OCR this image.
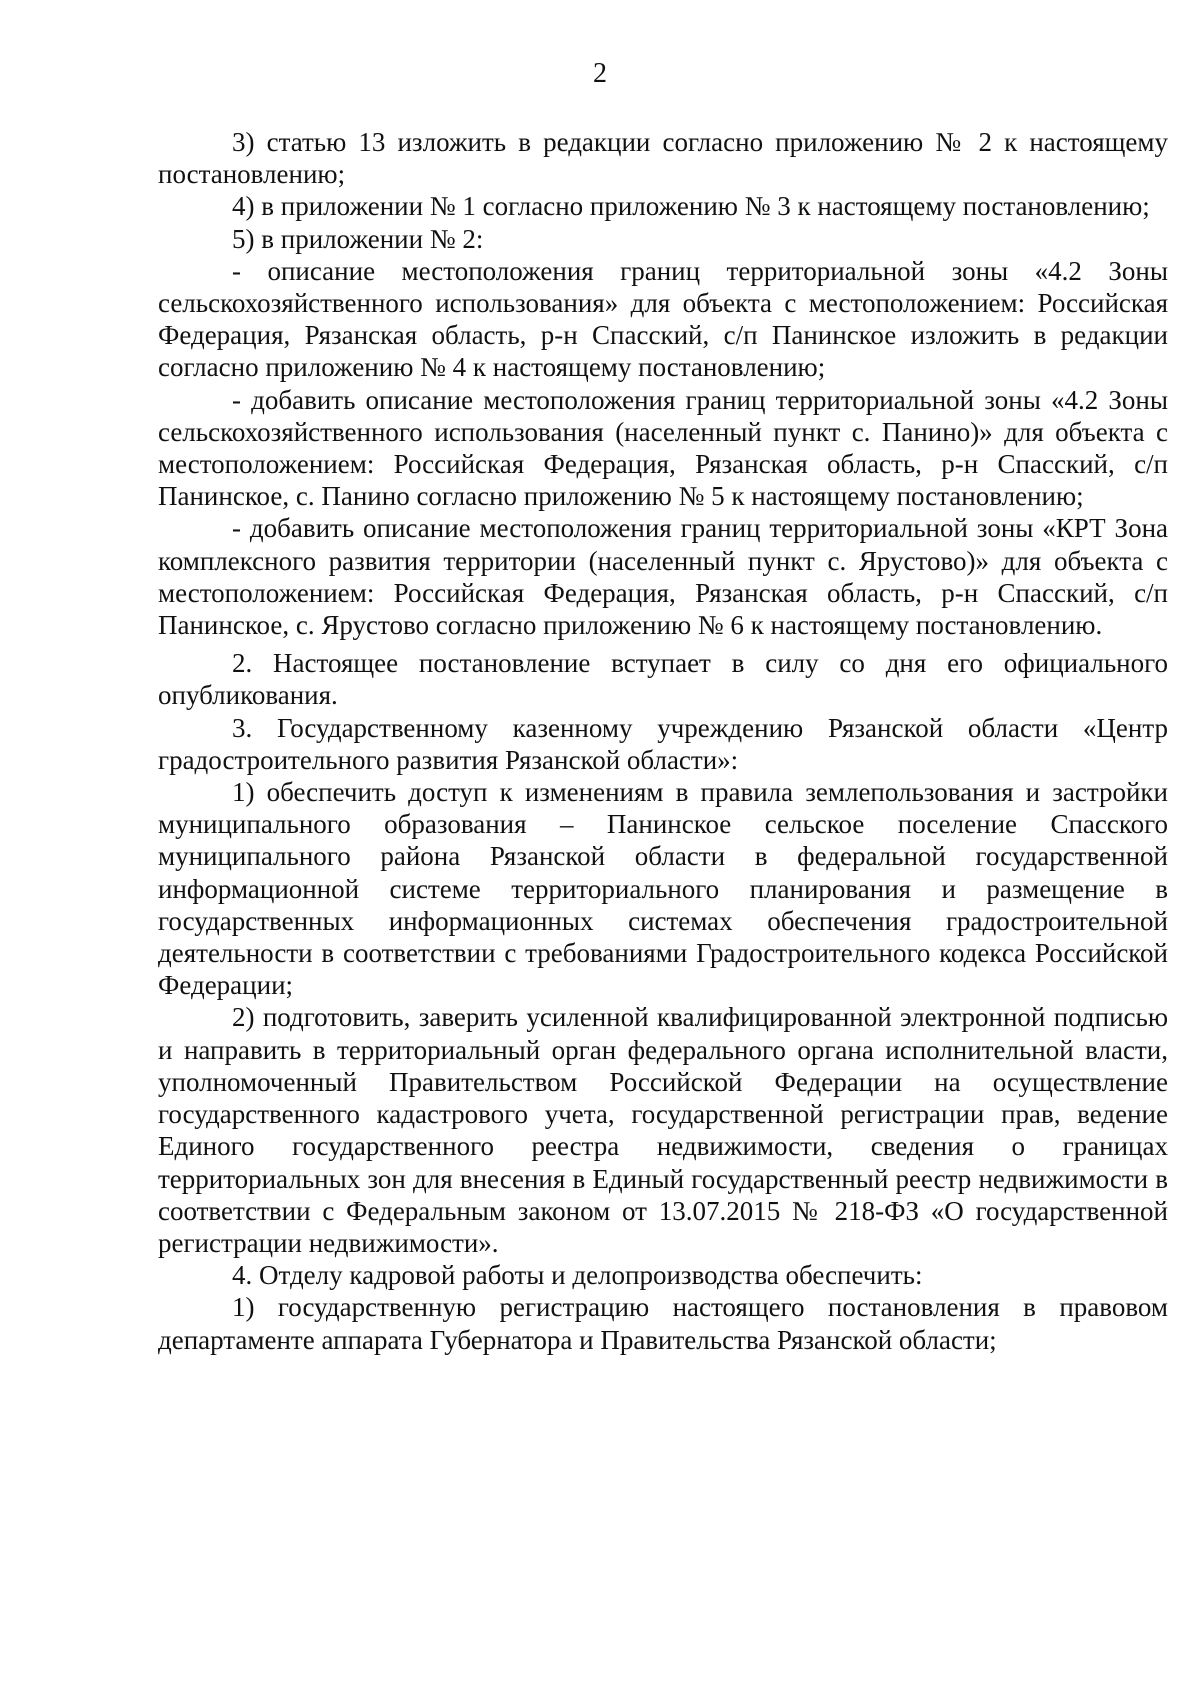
2

3) статью 13 изложить в редакции согласно приложению № 2 к настоящему постановлению;

4) в приложении № 1 согласно приложению № 3 к настоящему постановлению;

5) в приложении № 2:

- описание местоположения границ территориальной зоны «4.2 Зоны сельскохозяйственного использования» для объекта с местоположением: Российская Федерация, Рязанская область, р-н Спасский, с/п Панинское изложить в редакции согласно приложению № 4 к настоящему постановлению;

- добавить описание местоположения границ территориальной зоны «4.2 Зоны сельскохозяйственного использования (населенный пункт с. Панино)» для объекта с местоположением: Российская Федерация, Рязанская область, р-н Спасский, с/п Панинское, с. Панино согласно приложению № 5 к настоящему постановлению;

- добавить описание местоположения границ территориальной зоны «КРТ Зона комплексного развития территории (населенный пункт с. Ярустово)» для объекта с местоположением: Российская Федерация, Рязанская область, р-н Спасский, с/п Панинское, с. Ярустово согласно приложению № 6 к настоящему постановлению.

2. Настоящее постановление вступает в силу со дня его официального опубликования.

3. Государственному казенному учреждению Рязанской области «Центр градостроительного развития Рязанской области»:

1) обеспечить доступ к изменениям в правила землепользования и застройки муниципального образования – Панинское сельское поселение Спасского муниципального района Рязанской области в федеральной государственной информационной системе территориального планирования и размещение в государственных информационных системах обеспечения градостроительной деятельности в соответствии с требованиями Градостроительного кодекса Российской Федерации;

2) подготовить, заверить усиленной квалифицированной электронной подписью и направить в территориальный орган федерального органа исполнительной власти, уполномоченный Правительством Российской Федерации на осуществление государственного кадастрового учета, государственной регистрации прав, ведение Единого государственного реестра недвижимости, сведения о границах территориальных зон для внесения в Единый государственный реестр недвижимости в соответствии с Федеральным законом от 13.07.2015 № 218-ФЗ «О государственной регистрации недвижимости».

4. Отделу кадровой работы и делопроизводства обеспечить:

1) государственную регистрацию настоящего постановления в правовом департаменте аппарата Губернатора и Правительства Рязанской области;
